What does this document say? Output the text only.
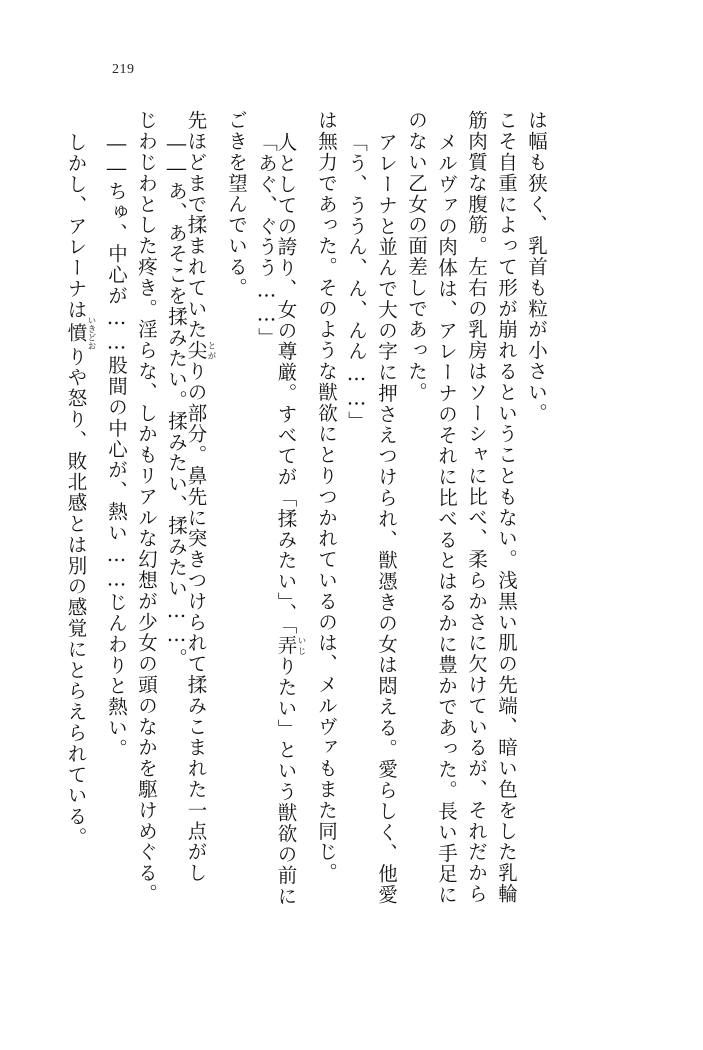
219
しかし、アレーナは憤いきどおりや怒り、敗北感とは別の感覚にとらえられている。 ――ちゅ、中心が……股間の中心が、熱い……じんわりと熱い。 じわじわとした疼き。淫らな、しかもリアルな幻想が少女の頭のなかを駆けめぐる。 ――あ、あそこを揉みたい。揉みたい、揉みたい……。
先ほどまで揉まれていた尖とがりの部分。鼻先に突きつけられて揉みこまれた一点がし
ごきを望んでいる。 「あぐ、ぐうう……」
人としての誇り、女の尊厳。すべてが「揉みたい」、「弄いじりたい」という獣欲の前に は無力であった。そのような獣欲にとりつかれているのは、メルヴァもまた同じ。 「う、ううん、ん、んん……」 アレーナと並んで大の字に押さえつけられ、獣憑きの女は悶える。愛らしく、他愛 のない乙女の面差しであった。 メルヴァの肉体は、アレーナのそれに比べるとはるかに豊かであった。長い手足に 筋肉質な腹筋。左右の乳房はソーシャに比べ、柔らかさに欠けているが、それだから こそ自重によって形が崩れるということもない。浅黒い肌の先端、暗い色をした乳輪 は幅も狭く、乳首も粒が小さい。
